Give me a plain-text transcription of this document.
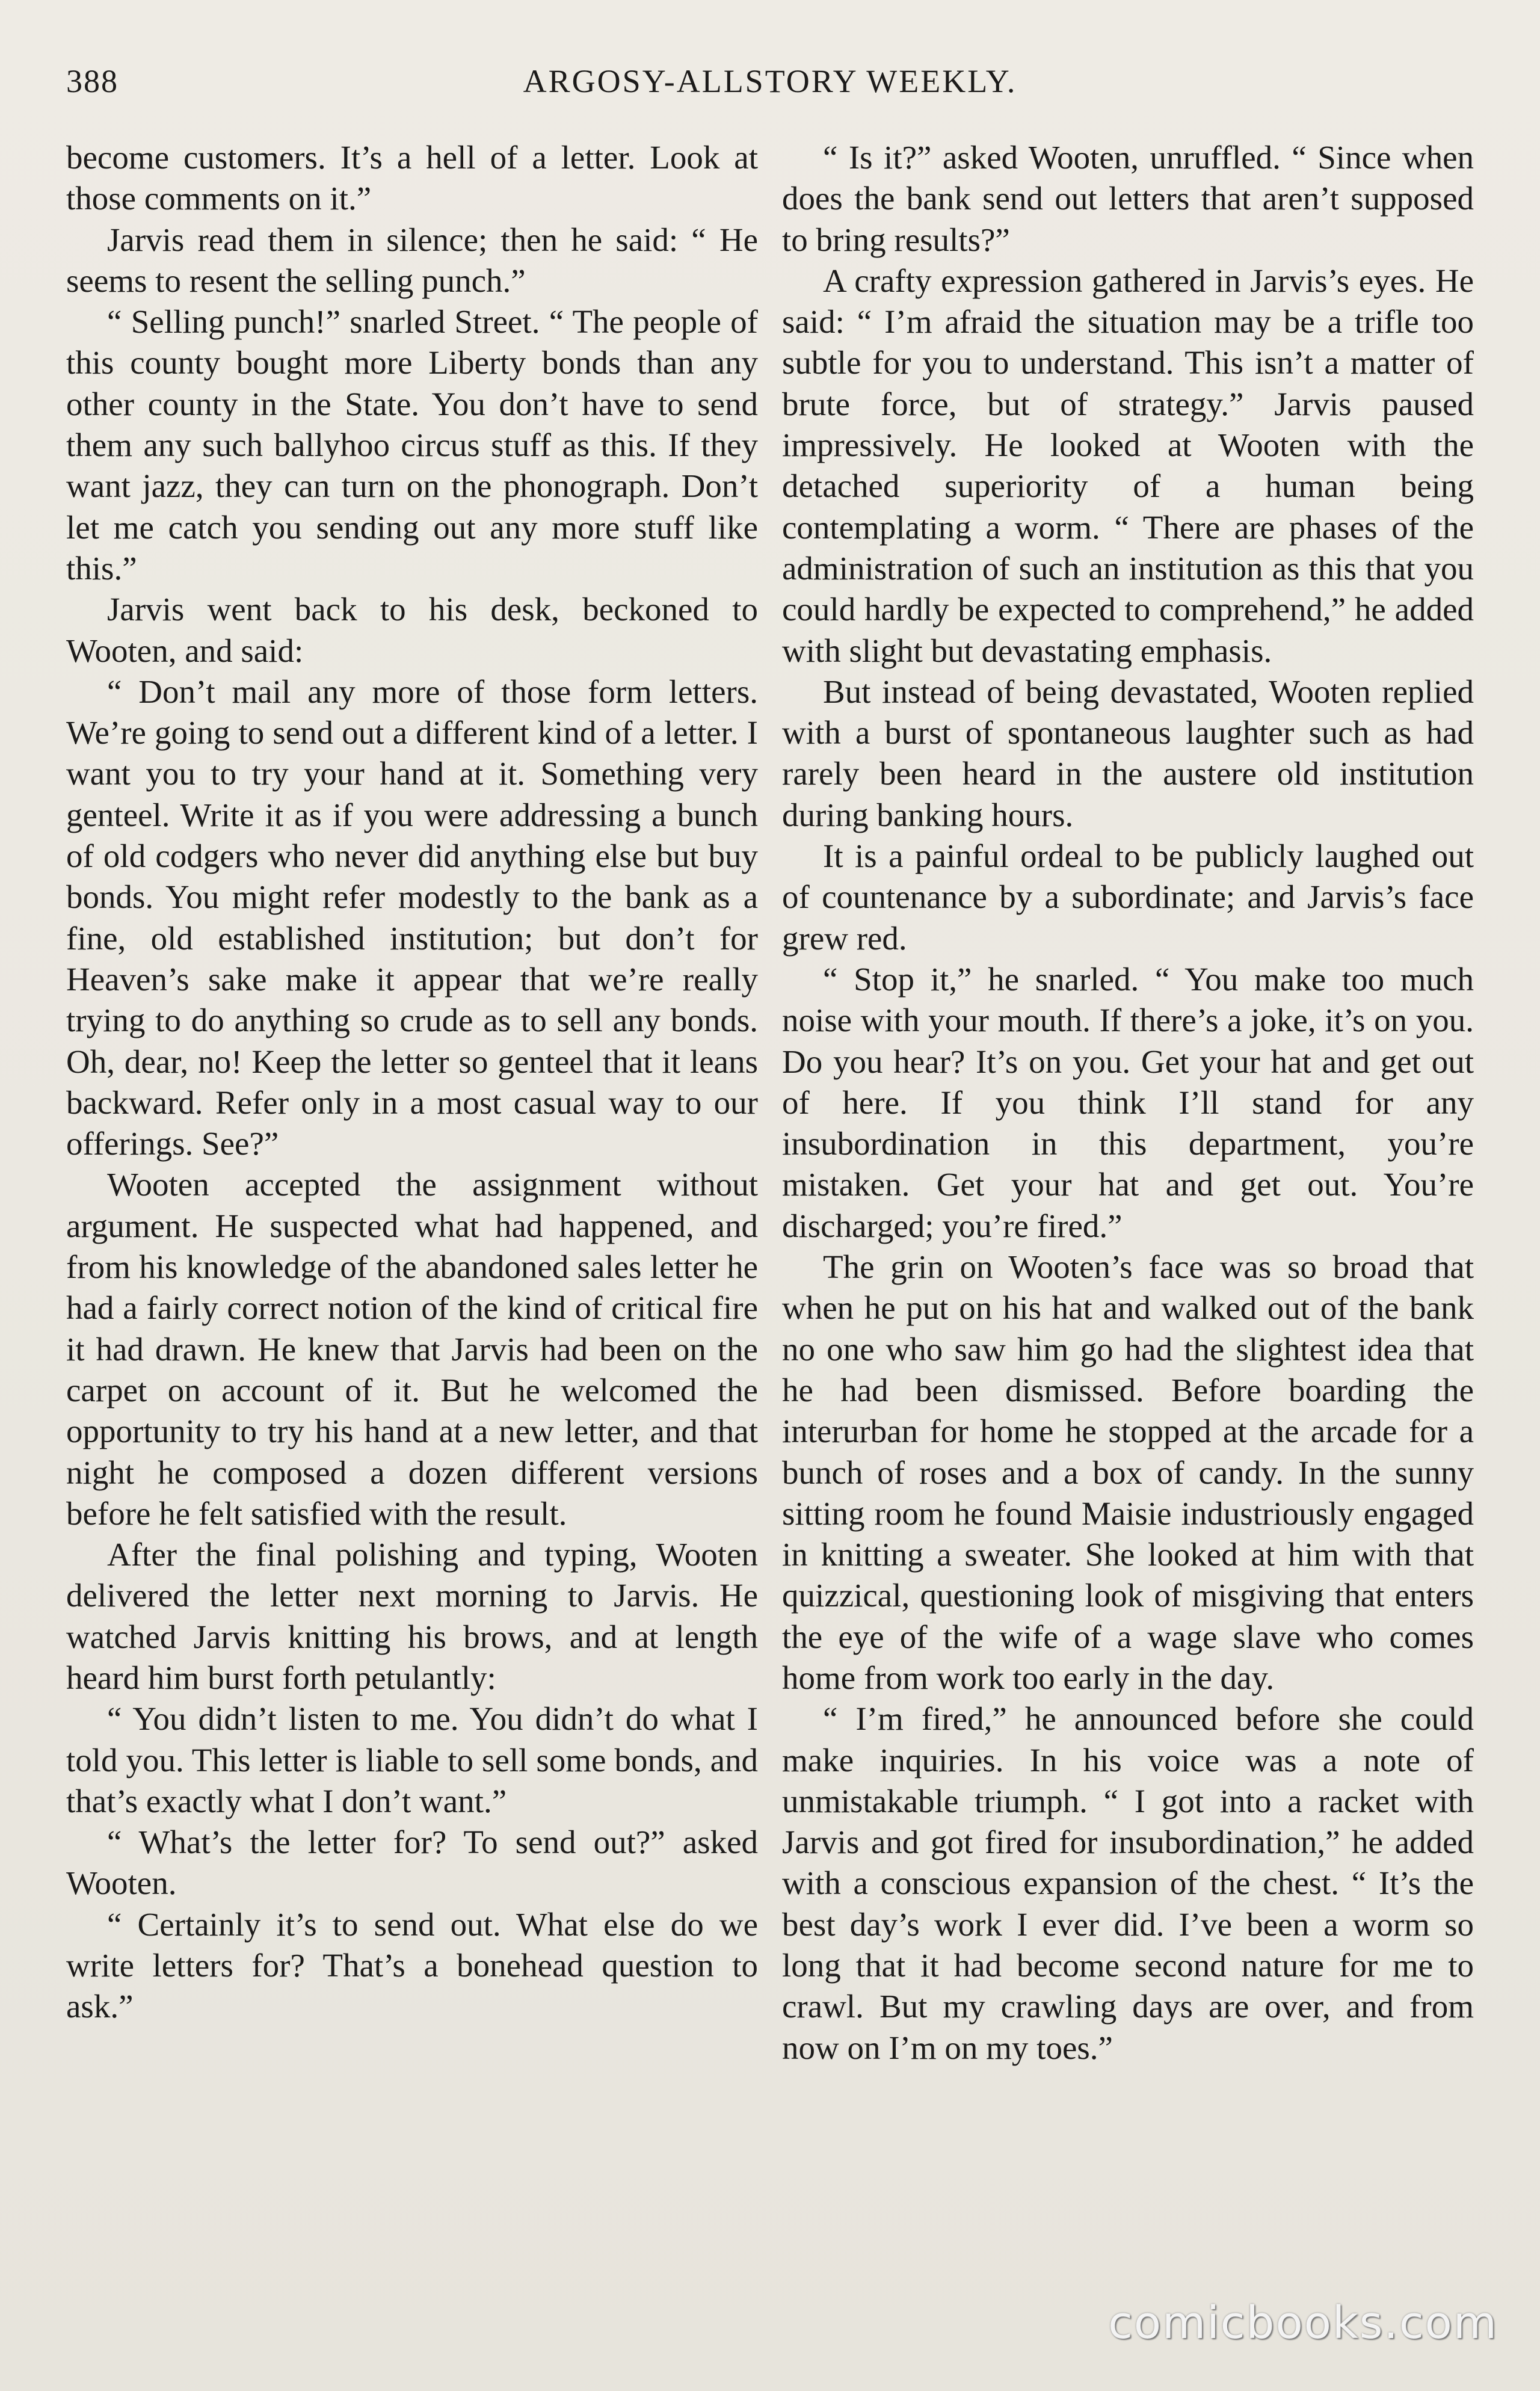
388	ARGOSY-ALLSTORY WEEKLY.

become customers. It’s a hell of a letter. Look at those comments on it.”

Jarvis read them in silence; then he said: “ He seems to resent the selling punch.”

“ Selling punch!” snarled Street. “ The people of this county bought more Liberty bonds than any other county in the State. You don’t have to send them any such ballyhoo circus stuff as this. If they want jazz, they can turn on the phonograph. Don’t let me catch you sending out any more stuff like this.”

Jarvis went back to his desk, beckoned to Wooten, and said:

“ Don’t mail any more of those form letters. We’re going to send out a different kind of a letter. I want you to try your hand at it. Something very genteel. Write it as if you were addressing a bunch of old codgers who never did anything else but buy bonds. You might refer modestly to the bank as a fine, old established institution; but don’t for Heaven’s sake make it appear that we’re really trying to do anything so crude as to sell any bonds. Oh, dear, no! Keep the letter so genteel that it leans backward. Refer only in a most casual way to our offerings. See?”

Wooten accepted the assignment without argument. He suspected what had happened, and from his knowledge of the abandoned sales letter he had a fairly correct notion of the kind of critical fire it had drawn. He knew that Jarvis had been on the carpet on account of it. But he welcomed the opportunity to try his hand at a new letter, and that night he composed a dozen different versions before he felt satisfied with the result.

After the final polishing and typing, Wooten delivered the letter next morning to Jarvis. He watched Jarvis knitting his brows, and at length heard him burst forth petulantly:

“ You didn’t listen to me. You didn’t do what I told you. This letter is liable to sell some bonds, and that’s exactly what I don’t want.”

“ What’s the letter for? To send out?” asked Wooten.

“ Certainly it’s to send out. What else do we write letters for? That’s a bonehead question to ask.”

“ Is it?” asked Wooten, unruffled. “ Since when does the bank send out letters that aren’t supposed to bring results?”

A crafty expression gathered in Jarvis’s eyes. He said: “ I’m afraid the situation may be a trifle too subtle for you to understand. This isn’t a matter of brute force, but of strategy.” Jarvis paused impressively. He looked at Wooten with the detached superiority of a human being contemplating a worm. “ There are phases of the administration of such an institution as this that you could hardly be expected to comprehend,” he added with slight but devastating emphasis.

But instead of being devastated, Wooten replied with a burst of spontaneous laughter such as had rarely been heard in the austere old institution during banking hours.

It is a painful ordeal to be publicly laughed out of countenance by a subordinate; and Jarvis’s face grew red.

“ Stop it,” he snarled. “ You make too much noise with your mouth. If there’s a joke, it’s on you. Do you hear? It’s on you. Get your hat and get out of here. If you think I’ll stand for any insubordination in this department, you’re mistaken. Get your hat and get out. You’re discharged; you’re fired.”

The grin on Wooten’s face was so broad that when he put on his hat and walked out of the bank no one who saw him go had the slightest idea that he had been dismissed. Before boarding the interurban for home he stopped at the arcade for a bunch of roses and a box of candy. In the sunny sitting room he found Maisie industriously engaged in knitting a sweater. She looked at him with that quizzical, questioning look of misgiving that enters the eye of the wife of a wage slave who comes home from work too early in the day.

“ I’m fired,” he announced before she could make inquiries. In his voice was a note of unmistakable triumph. “ I got into a racket with Jarvis and got fired for insubordination,” he added with a conscious expansion of the chest. “ It’s the best day’s work I ever did. I’ve been a worm so long that it had become second nature for me to crawl. But my crawling days are over, and from now on I’m on my toes.”

comicbooks.com
